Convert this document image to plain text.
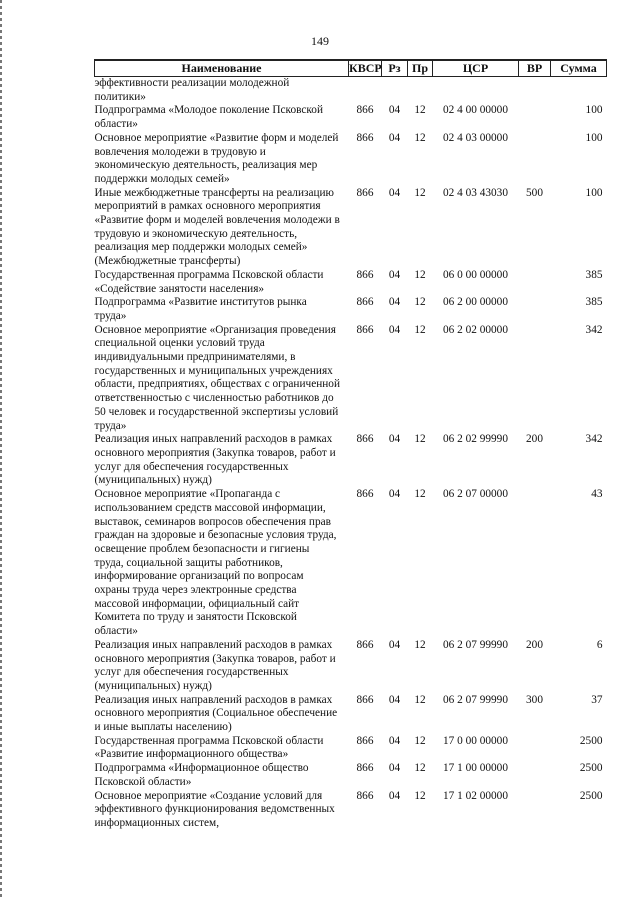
149
Наименование	КВСР	Рз	Пр	ЦСР	ВР	Сумма
эффективности реализации молодежной политики»						
Подпрограмма «Молодое поколение Псковской области»	866	04	12	02 4 00 00000		100
Основное мероприятие «Развитие форм и моделей вовлечения молодежи в трудовую и экономическую деятельность, реализация мер поддержки молодых семей»	866	04	12	02 4 03 00000		100
Иные межбюджетные трансферты на реализацию мероприятий в рамках основного мероприятия «Развитие форм и моделей вовлечения молодежи в трудовую и экономическую деятельность, реализация мер поддержки молодых семей» (Межбюджетные трансферты)	866	04	12	02 4 03 43030	500	100
Государственная программа Псковской области «Содействие занятости населения»	866	04	12	06 0 00 00000		385
Подпрограмма «Развитие институтов рынка труда»	866	04	12	06 2 00 00000		385
Основное мероприятие «Организация проведения специальной оценки условий труда индивидуальными предпринимателями, в государственных и муниципальных учреждениях области, предприятиях, обществах с ограниченной ответственностью с численностью работников до 50 человек и государственной экспертизы условий труда»	866	04	12	06 2 02 00000		342
Реализация иных направлений расходов в рамках основного мероприятия (Закупка товаров, работ и услуг для обеспечения государственных (муниципальных) нужд)	866	04	12	06 2 02 99990	200	342
Основное мероприятие «Пропаганда с использованием средств массовой информации, выставок, семинаров вопросов обеспечения прав граждан на здоровые и безопасные условия труда, освещение проблем безопасности и гигиены труда, социальной защиты работников, информирование организаций по вопросам охраны труда через электронные средства массовой информации, официальный сайт Комитета по труду и занятости Псковской области»	866	04	12	06 2 07 00000		43
Реализация иных направлений расходов в рамках основного мероприятия (Закупка товаров, работ и услуг для обеспечения государственных (муниципальных) нужд)	866	04	12	06 2 07 99990	200	6
Реализация иных направлений расходов в рамках основного мероприятия (Социальное обеспечение и иные выплаты населению)	866	04	12	06 2 07 99990	300	37
Государственная программа Псковской области «Развитие информационного общества»	866	04	12	17 0 00 00000		2500
Подпрограмма «Информационное общество Псковской области»	866	04	12	17 1 00 00000		2500
Основное мероприятие «Создание условий для эффективного функционирования ведомственных информационных систем,	866	04	12	17 1 02 00000		2500
